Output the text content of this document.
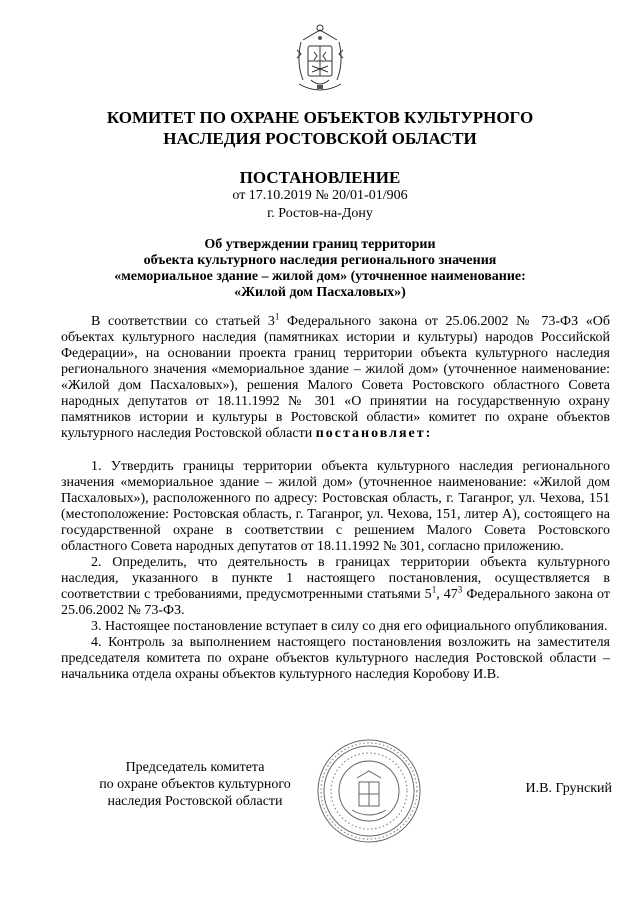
КОМИТЕТ ПО ОХРАНЕ ОБЪЕКТОВ КУЛЬТУРНОГО
НАСЛЕДИЯ РОСТОВСКОЙ ОБЛАСТИ
ПОСТАНОВЛЕНИЕ
от 17.10.2019 № 20/01-01/906
г. Ростов-на-Дону
Об утверждении границ территории
объекта культурного наследия регионального значения
«мемориальное здание – жилой дом» (уточненное наименование:
«Жилой дом Пасхаловых»)

В соответствии со статьей $3^1$ Федерального закона от 25.06.2002 № 73-ФЗ «Об объектах культурного наследия (памятниках истории и культуры) народов Российской Федерации», на основании проекта границ территории объекта культурного наследия регионального значения «мемориальное здание – жилой дом» (уточненное наименование: «Жилой дом Пасхаловых»), решения Малого Совета Ростовского областного Совета народных депутатов от 18.11.1992 № 301 «О принятии на государственную охрану памятников истории и культуры в Ростовской области» комитет по охране объектов культурного наследия Ростовской области постановляет:

1. Утвердить границы территории объекта культурного наследия регионального значения «мемориальное здание – жилой дом» (уточненное наименование: «Жилой дом Пасхаловых»), расположенного по адресу: Ростовская область, г. Таганрог, ул. Чехова, 151 (местоположение: Ростовская область, г. Таганрог, ул. Чехова, 151, литер А), состоящего на государственной охране в соответствии с решением Малого Совета Ростовского областного Совета народных депутатов от 18.11.1992 № 301, согласно приложению.

2. Определить, что деятельность в границах территории объекта культурного наследия, указанного в пункте 1 настоящего постановления, осуществляется в соответствии с требованиями, предусмотренными статьями $5^1$, $47^3$ Федерального закона от 25.06.2002 № 73-ФЗ.

3. Настоящее постановление вступает в силу со дня его официального опубликования.

4. Контроль за выполнением настоящего постановления возложить на заместителя председателя комитета по охране объектов культурного наследия Ростовской области – начальника отдела охраны объектов культурного наследия Коробову И.В.

Председатель комитета
по охране объектов культурного
наследия Ростовской области
И.В. Грунский
